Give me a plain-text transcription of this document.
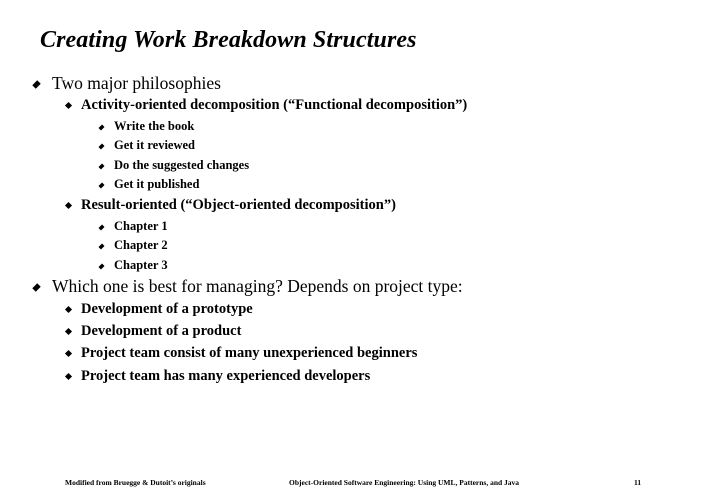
Creating Work Breakdown Structures
Two major philosophies
Activity-oriented decomposition (“Functional decomposition”)
Write the book
Get it reviewed
Do the suggested changes
Get it published
Result-oriented (“Object-oriented decomposition”)
Chapter 1
Chapter 2
Chapter 3
Which one is best for managing? Depends on project type:
Development of a prototype
Development of a product
Project team consist of many unexperienced beginners
Project team has many experienced developers
Modified from Bruegge & Dutoit’s originals	Object-Oriented Software Engineering: Using UML, Patterns, and Java	11
